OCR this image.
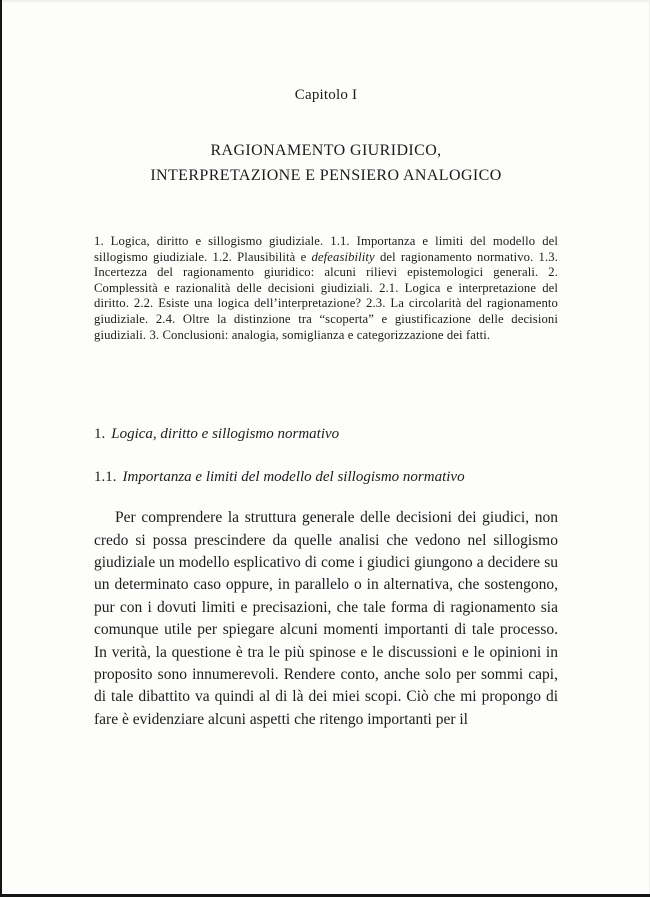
Capitolo I
RAGIONAMENTO GIURIDICO,
INTERPRETAZIONE E PENSIERO ANALOGICO

1. Logica, diritto e sillogismo giudiziale. 1.1. Importanza e limiti del modello del sillogismo giudiziale. 1.2. Plausibilità e defeasibility del ragionamento normativo. 1.3. Incertezza del ragionamento giuridico: alcuni rilievi epistemologici generali. 2. Complessità e razionalità delle decisioni giudiziali. 2.1. Logica e interpretazione del diritto. 2.2. Esiste una logica dell’interpretazione? 2.3. La circolarità del ragionamento giudiziale. 2.4. Oltre la distinzione tra “scoperta” e giustificazione delle decisioni giudiziali. 3. Conclusioni: analogia, somiglianza e categorizzazione dei fatti.

1. Logica, diritto e sillogismo normativo
1.1. Importanza e limiti del modello del sillogismo normativo

Per comprendere la struttura generale delle decisioni dei giudici, non credo si possa prescindere da quelle analisi che vedono nel sillogismo giudiziale un modello esplicativo di come i giudici giungono a decidere su un determinato caso oppure, in parallelo o in alternativa, che sostengono, pur con i dovuti limiti e precisazioni, che tale forma di ragionamento sia comunque utile per spiegare alcuni momenti importanti di tale processo. In verità, la questione è tra le più spinose e le discussioni e le opinioni in proposito sono innumerevoli. Rendere conto, anche solo per sommi capi, di tale dibattito va quindi al di là dei miei scopi. Ciò che mi propongo di fare è evidenziare alcuni aspetti che ritengo importanti per il
